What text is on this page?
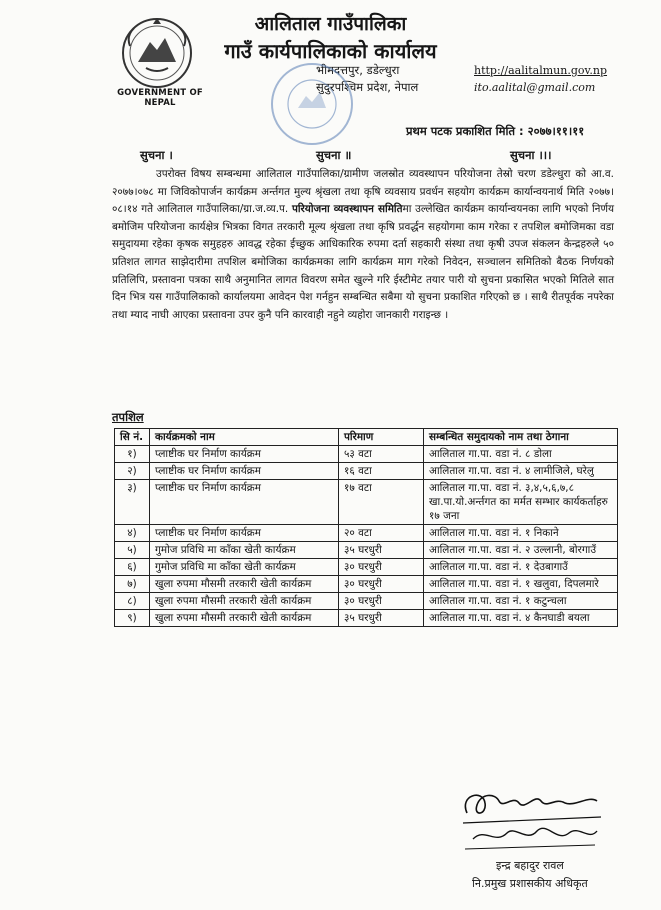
GOVERNMENT OF NEPAL
आलिताल गाउँपालिका
गाउँ कार्यपालिकाको कार्यालय
भीमदत्तपुर, डडेल्धुरा
सुदुरपश्चिम प्रदेश, नेपाल
http://aalitalmun.gov.np
ito.aalital@gmail.com
प्रथम पटक प्रकाशित मिति : २०७७।११।११
सुचना ।	सुचना ॥	सुचना ।।।
उपरोक्त विषय सम्बन्धमा आलिताल गाउँपालिका/ग्रामीण जलस्रोत व्यवस्थापन परियोजना तेस्रो चरण डडेल्धुरा को आ.व. २०७७।०७८ मा जिविकोपार्जन कार्यक्रम अर्न्तगत मुल्य श्रृंखला तथा कृषि व्यवसाय प्रवर्धन सहयोग कार्यक्रम कार्यान्वयनार्थ मिति २०७७।०८।१४ गते आलिताल गाउँपालिका/ग्रा.ज.व्य.प. परियोजना व्यवस्थापन समितिमा उल्लेखित कार्यक्रम कार्यान्वयनका लागि भएको निर्णय बमोजिम परियोजना कार्यक्षेत्र भित्रका विगत तरकारी मूल्य श्रृंखला तथा कृषि प्रवर्द्धन सहयोगमा काम गरेका र तपशिल बमोजिमका वडा समुदायमा रहेका कृषक समुहहरु आवद्ध रहेका ईच्छुक आधिकारिक रुपमा दर्ता सहकारी संस्था तथा कृषी उपज संकलन केन्द्रहरुले ५० प्रतिशत लागत साझेदारीमा तपशिल बमोजिका कार्यक्रमका लागि कार्यक्रम माग गरेको निवेदन, सञ्चालन समितिको बैठक निर्णयको प्रतिलिपि, प्रस्तावना पत्रका साथै अनुमानित लागत विवरण समेत खुल्ने गरि ईस्टीमेट तयार पारी यो सुचना प्रकासित भएको मितिले सात दिन भित्र यस गाउँपालिकाको कार्यालयमा आवेदन पेश गर्नहुन सम्बन्धित सबैमा यो सुचना प्रकाशित गरिएको छ । साथै रीतपूर्वक नपरेका तथा म्याद नाघी आएका प्रस्तावना उपर कुनै पनि कारवाही नहुने व्यहोरा जानकारी गराइन्छ ।
तपशिल
सि नं.	कार्यक्रमको नाम	परिमाण	सम्बन्धित समुदायको नाम तथा ठेगाना
१)	प्लाष्टीक घर निर्माण कार्यक्रम	५३ वटा	आलिताल गा.पा. वडा नं. ८ डोला
२)	प्लाष्टीक घर निर्माण कार्यक्रम	१६ वटा	आलिताल गा.पा. वडा नं. ४ लामीजिले, घरेलु
३)	प्लाष्टीक घर निर्माण कार्यक्रम	१७ वटा	आलिताल गा.पा. वडा नं. ३,४,५,६,७,८ खा.पा.यो.अर्न्तगत का मर्मत सम्भार कार्यकर्ताहरु १७ जना
४)	प्लाष्टीक घर निर्माण कार्यक्रम	२० वटा	आलिताल गा.पा. वडा नं. १ निकाने
५)	गुमोज प्रविधि मा काँका खेती कार्यक्रम	३५ घरधुरी	आलिताल गा.पा. वडा नं. २ उल्लानी, बोरगाउँ
६)	गुमोज प्रविधि मा काँका खेती कार्यक्रम	३० घरधुरी	आलिताल गा.पा. वडा नं. १ देउबागाउँ
७)	खुला रुपमा मौसमी तरकारी खेती कार्यक्रम	३० घरधुरी	आलिताल गा.पा. वडा नं. १ खलुवा, दिपलमारे
८)	खुला रुपमा मौसमी तरकारी खेती कार्यक्रम	३० घरधुरी	आलिताल गा.पा. वडा नं. १ कटुन्चला
९)	खुला रुपमा मौसमी तरकारी खेती कार्यक्रम	३५ घरधुरी	आलिताल गा.पा. वडा नं. ४ कैनघाडी बयला
इन्द्र बहादुर रावल
नि.प्रमुख प्रशासकीय अधिकृत
